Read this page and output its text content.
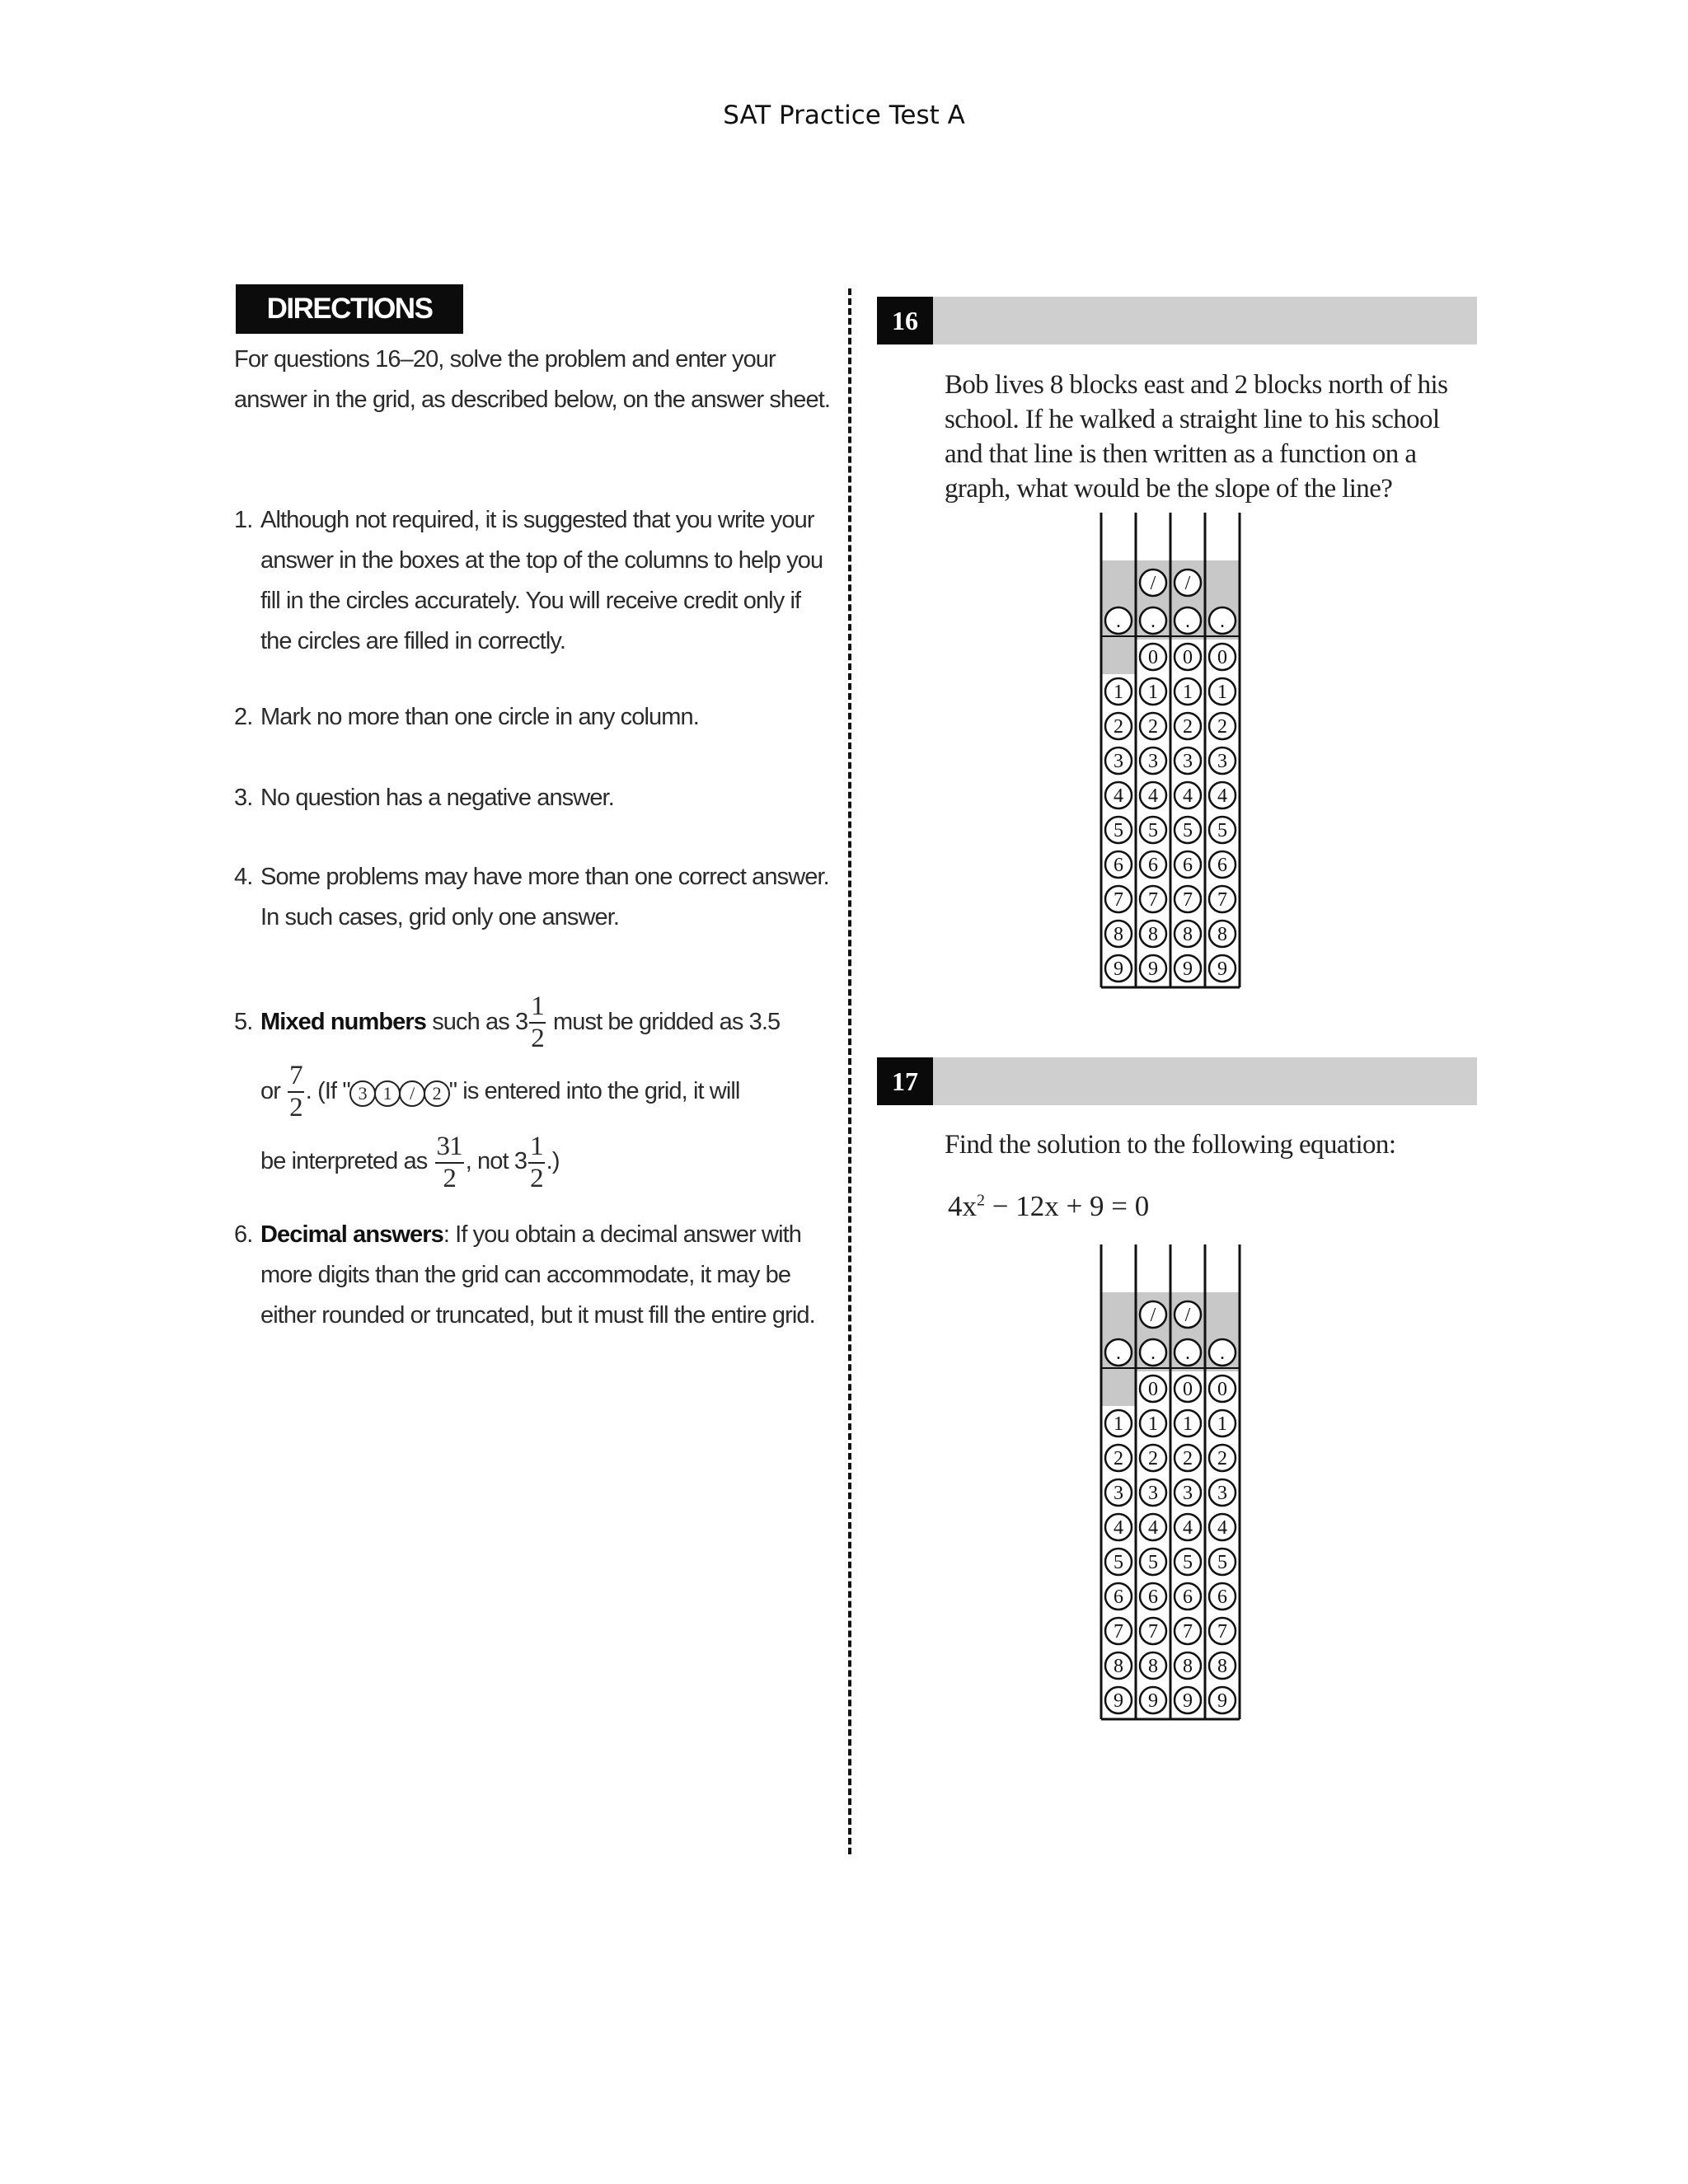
SAT Practice Test A
DIRECTIONS
For questions 16–20, solve the problem and enter your answer in the grid, as described below, on the answer sheet.
1. Although not required, it is suggested that you write your answer in the boxes at the top of the columns to help you fill in the circles accurately. You will receive credit only if the circles are filled in correctly.
2. Mark no more than one circle in any column.
3. No question has a negative answer.
4. Some problems may have more than one correct answer. In such cases, grid only one answer.
5. Mixed numbers such as $3 \frac{1}{2}$ must be gridded as 3.5
or $\frac{7}{2}$ . (If " 3 1 / 2 " is entered into the grid, it will
be interpreted as $\frac{31}{2}$ , not $3 \frac{1}{2}$ .)
6. Decimal answers: If you obtain a decimal answer with more digits than the grid can accommodate, it may be either rounded or truncated, but it must fill the entire grid.
16
Bob lives 8 blocks east and 2 blocks north of his school. If he walked a straight line to his school and that line is then written as a function on a graph, what would be the slope of the line?
/ /
. . . .
0 0 0
1 1 1 1
2 2 2 2
3 3 3 3
4 4 4 4
5 5 5 5
6 6 6 6
7 7 7 7
8 8 8 8
9 9 9 9
17
Find the solution to the following equation:
$4x^2 - 12x + 9 = 0$
/ /
. . . .
0 0 0
1 1 1 1
2 2 2 2
3 3 3 3
4 4 4 4
5 5 5 5
6 6 6 6
7 7 7 7
8 8 8 8
9 9 9 9
